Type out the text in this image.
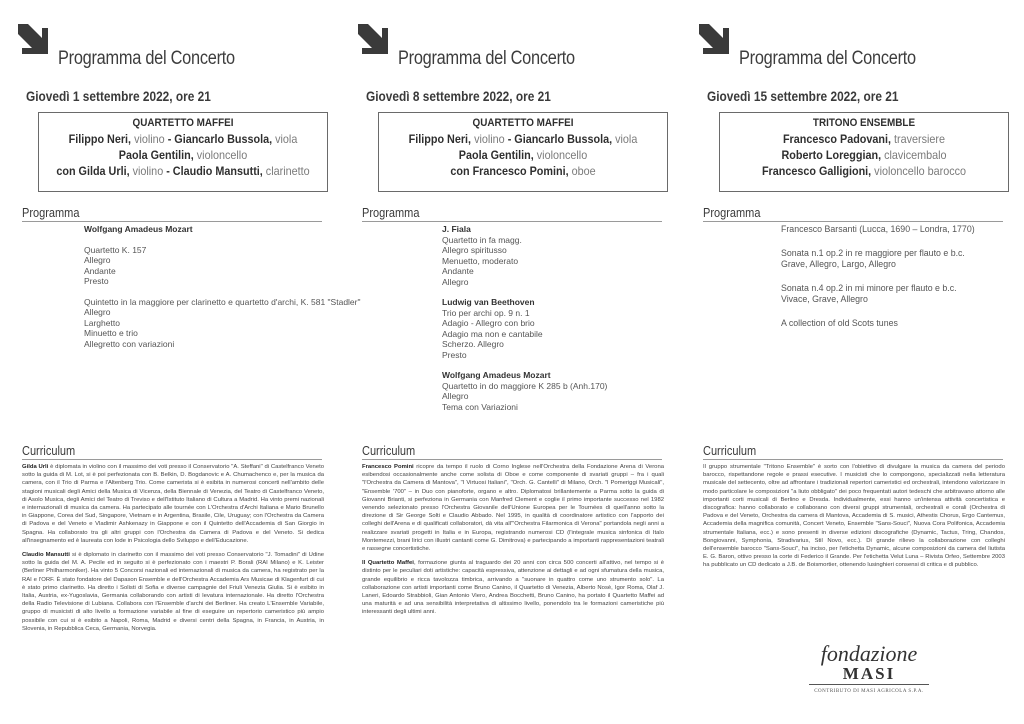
Programma del Concerto
Giovedì 1 settembre 2022, ore 21
QUARTETTO MAFFEI
Filippo Neri, violino - Giancarlo Bussola, viola
Paola Gentilin, violoncello
con Gilda Urli, violino - Claudio Mansutti, clarinetto
Programma
Wolfgang Amadeus Mozart
Quartetto K. 157
Allegro
Andante
Presto
Quintetto in la maggiore per clarinetto e quartetto d'archi, K. 581 "Stadler"
Allegro
Larghetto
Minuetto e trio
Allegretto con variazioni
Curriculum

Gilda Urli è diplomata in violino con il massimo dei voti presso il Conservatorio "A. Steffani" di Castelfranco Veneto sotto la guida di M. Lot, si è poi perfezionata con B. Belkin, D. Bogdanovic e A. Chumachenco e, per la musica da camera, con il Trio di Parma e l'Altenberg Trio. Come camerista si è esibita in numerosi concerti nell'ambito delle stagioni musicali degli Amici della Musica di Vicenza, della Biennale di Venezia, del Teatro di Castelfranco Veneto, di Asolo Musica, degli Amici del Teatro di Treviso e dell'Istituto Italiano di Cultura a Madrid. Ha vinto premi nazionali e internazionali di musica da camera. Ha partecipato alle tournée con L'Orchestra d'Archi Italiana e Mario Brunello in Giappone, Corea del Sud, Singapore, Vietnam e in Argentina, Brasile, Cile, Uruguay; con l'Orchestra da Camera di Padova e del Veneto e Vladimir Ashkenazy in Giappone e con il Quintetto dell'Accademia di San Giorgio in Spagna. Ha collaborato tra gli altri gruppi con l'Orchestra da Camera di Padova e del Veneto. Si dedica all'insegnamento ed è laureata con lode in Psicologia dello Sviluppo e dell'Educazione.

Claudio Mansutti si è diplomato in clarinetto con il massimo dei voti presso Conservatorio "J. Tomadini" di Udine sotto la guida del M. A. Pecile ed in seguito si è perfezionato con i maestri P. Borali (RAI Milano) e K. Leister (Berliner Philharmoniker). Ha vinto 5 Concorsi nazionali ed internazionali di musica da camera, ha registrato per la RAI e l'ORF. È stato fondatore del Dapason Ensemble e dell'Orchestra Accademia Ars Musicae di Klagenfurt di cui è stato primo clarinetto. Ha diretto i Solisti di Sofia e diverse campagnie del Friuli Venezia Giulia. Si è esibito in Italia, Austria, ex-Yugoslavia, Germania collaborando con artisti di levatura internazionale. Ha diretto l'Orchestra della Radio Televisione di Lubiana. Collabora con l'Ensemble d'archi dei Berliner. Ha creato L'Ensemble Variabile, gruppo di musicisti di alto livello a formazione variabile al fine di eseguire un repertorio cameristico più ampio possibile con cui si è esibito a Napoli, Roma, Madrid e diversi centri della Spagna, in Francia, in Austria, in Slovenia, in Repubblica Ceca, Germania, Norvegia.

Programma del Concerto
Giovedì 8 settembre 2022, ore 21
QUARTETTO MAFFEI
Filippo Neri, violino - Giancarlo Bussola, viola
Paola Gentilin, violoncello
con Francesco Pomini, oboe
Programma
J. Fiala
Quartetto in fa magg.
Allegro spiritusso
Menuetto, moderato
Andante
Allegro
Ludwig van Beethoven
Trio per archi op. 9 n. 1
Adagio - Allegro con brio
Adagio ma non e cantabile
Scherzo. Allegro
Presto
Wolfgang Amadeus Mozart
Quartetto in do maggiore K 285 b (Anh.170)
Allegro
Tema con Variazioni
Curriculum

Francesco Pomini ricopre da tempo il ruolo di Corno Inglese nell'Orchestra della Fondazione Arena di Verona esibendosi occasionalmente anche come solista di Oboe e come componente di svariati gruppi – fra i quali "l'Orchestra da Camera di Mantova", "I Virtuosi Italiani", "Orch. G. Cantelli" di Milano, Orch. "I Pomeriggi Musicali", "Ensemble '700" – in Duo con pianoforte, organo e altro. Diplomatosi brillantemente a Parma sotto la guida di Giovanni Brianti, si perfeziona in Germania con Manfred Clement e coglie il primo importante successo nel 1982 venendo selezionato presso l'Orchestra Giovanile dell'Unione Europea per le Tournées di quell'anno sotto la direzione di Sir George Solti e Claudio Abbado. Nel 1995, in qualità di coordinatore artistico con l'apporto dei colleghi dell'Arena e di qualificati collaboratori, dà vita all'"Orchestra Filarmonica di Verona" portandola negli anni a realizzare svariati progetti in Italia e in Europa, registrando numerosi CD (l'integrale musica sinfonica di Italo Montemezzi, brani lirici con illustri cantanti come G. Dimitrova) e partecipando a importanti rappresentazioni teatrali e rassegne concertistiche.

Il Quartetto Maffei, formazione giunta al traguardo dei 20 anni con circa 500 concerti all'attivo, nel tempo si è distinto per le peculiari doti artistiche: capacità espressiva, attenzione ai dettagli e ad ogni sfumatura della musica, grande equilibrio e ricca tavolozza timbrica, arrivando a "suonare in quattro come uno strumento solo". La collaborazione con artisti importanti come Bruno Canino, il Quartetto di Venezia, Alberto Nosè, Igor Roma, Olaf J. Laneri, Edoardo Strabbioli, Gian Antonio Viero, Andrea Bocchetti, Bruno Canino, ha portato il Quartetto Maffei ad una maturità e ad una sensibilità interpretativa di altissimo livello, ponendolo tra le formazioni cameristiche più interessanti degli ultimi anni.

Programma del Concerto
Giovedì 15 settembre 2022, ore 21
TRITONO ENSEMBLE
Francesco Padovani, traversiere
Roberto Loreggian, clavicembalo
Francesco Galligioni, violoncello barocco
Programma
Francesco Barsanti (Lucca, 1690 – Londra, 1770)
Sonata n.1 op.2 in re maggiore per flauto e b.c.
Grave, Allegro, Largo, Allegro
Sonata n.4 op.2 in mi minore per flauto e b.c.
Vivace, Grave, Allegro
A collection of old Scots tunes
Curriculum

Il gruppo strumentale "Tritono Ensemble" è sorto con l'obiettivo di divulgare la musica da camera del periodo barocco, rispettandone regole e prassi esecutive. I musicisti che lo compongono, specializzati nella letteratura musicale del settecento, oltre ad affrontare i tradizionali repertori cameristici ed orchestrali, intendono valorizzare in modo particolare le composizioni "a liuto obbligato" dei poco frequentati autori tedeschi che arbitravano attorno alle importanti corti musicali di Berlino e Dresda. Individualmente, essi hanno un'intensa attività concertistica e discografica: hanno collaborato e collaborano con diversi gruppi strumentali, orchestrali e corali (Orchestra di Padova e del Veneto, Orchestra da camera di Mantova, Accademia di S. musici, Athestis Chorus, Ergo Cantemus, Accademia della magnifica comunità, Concert Veneto, Ensemble "Sans-Souci", Nuova Cora Polifonica, Accademia strumentale Italiana, ecc.) e sono presenti in diverse edizioni discografiche (Dynamic, Tactus, Tring, Chandos, Bongiovanni, Symphonia, Stradivarius, Stil Novo, ecc.). Di grande rilievo la collaborazione con colleghi dell'ensemble barocco "Sans-Souci", ha inciso, per l'etichetta Dynamic, alcune composizioni da camera del liutista E. G. Baron, ottivo presso la corte di Federico il Grande. Per l'etichetta Velut Luna – Rivista Orfeo, Settembre 2003 ha pubblicato un CD dedicato a J.B. de Boismortier, ottenendo lusinghieri consensi di critica e di pubblico.

fondazione
MASI
CONTRIBUTO DI MASI AGRICOLA S.P.A.
